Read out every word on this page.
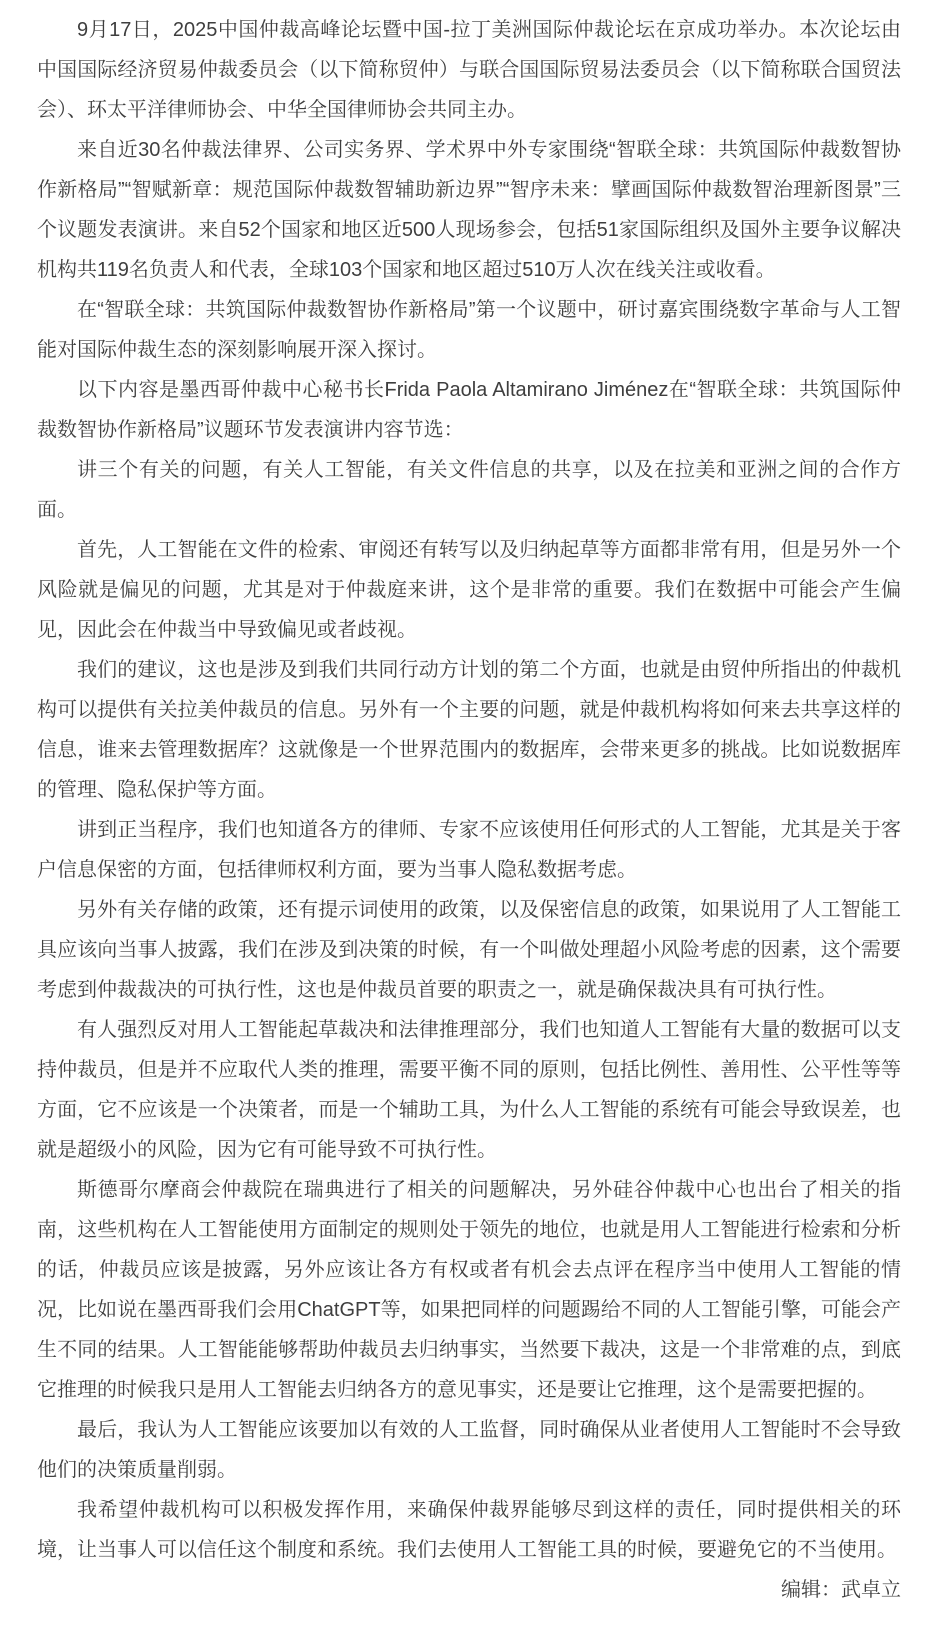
9月17日，2025中国仲裁高峰论坛暨中国-拉丁美洲国际仲裁论坛在京成功举办。本次论坛由中国国际经济贸易仲裁委员会（以下简称贸仲）与联合国国际贸易法委员会（以下简称联合国贸法会）、环太平洋律师协会、中华全国律师协会共同主办。

来自近30名仲裁法律界、公司实务界、学术界中外专家围绕“智联全球：共筑国际仲裁数智协作新格局”“智赋新章：规范国际仲裁数智辅助新边界”“智序未来：擘画国际仲裁数智治理新图景”三个议题发表演讲。来自52个国家和地区近500人现场参会，包括51家国际组织及国外主要争议解决机构共119名负责人和代表，全球103个国家和地区超过510万人次在线关注或收看。

在“智联全球：共筑国际仲裁数智协作新格局”第一个议题中，研讨嘉宾围绕数字革命与人工智能对国际仲裁生态的深刻影响展开深入探讨。

以下内容是墨西哥仲裁中心秘书长Frida Paola Altamirano Jiménez在“智联全球：共筑国际仲裁数智协作新格局”议题环节发表演讲内容节选：

讲三个有关的问题，有关人工智能，有关文件信息的共享，以及在拉美和亚洲之间的合作方面。

首先，人工智能在文件的检索、审阅还有转写以及归纳起草等方面都非常有用，但是另外一个风险就是偏见的问题，尤其是对于仲裁庭来讲，这个是非常的重要。我们在数据中可能会产生偏见，因此会在仲裁当中导致偏见或者歧视。

我们的建议，这也是涉及到我们共同行动方计划的第二个方面，也就是由贸仲所指出的仲裁机构可以提供有关拉美仲裁员的信息。另外有一个主要的问题，就是仲裁机构将如何来去共享这样的信息，谁来去管理数据库？这就像是一个世界范围内的数据库，会带来更多的挑战。比如说数据库的管理、隐私保护等方面。

讲到正当程序，我们也知道各方的律师、专家不应该使用任何形式的人工智能，尤其是关于客户信息保密的方面，包括律师权利方面，要为当事人隐私数据考虑。

另外有关存储的政策，还有提示词使用的政策，以及保密信息的政策，如果说用了人工智能工具应该向当事人披露，我们在涉及到决策的时候，有一个叫做处理超小风险考虑的因素，这个需要考虑到仲裁裁决的可执行性，这也是仲裁员首要的职责之一，就是确保裁决具有可执行性。

有人强烈反对用人工智能起草裁决和法律推理部分，我们也知道人工智能有大量的数据可以支持仲裁员，但是并不应取代人类的推理，需要平衡不同的原则，包括比例性、善用性、公平性等等方面，它不应该是一个决策者，而是一个辅助工具，为什么人工智能的系统有可能会导致误差，也就是超级小的风险，因为它有可能导致不可执行性。

斯德哥尔摩商会仲裁院在瑞典进行了相关的问题解决，另外硅谷仲裁中心也出台了相关的指南，这些机构在人工智能使用方面制定的规则处于领先的地位，也就是用人工智能进行检索和分析的话，仲裁员应该是披露，另外应该让各方有权或者有机会去点评在程序当中使用人工智能的情况，比如说在墨西哥我们会用ChatGPT等，如果把同样的问题踢给不同的人工智能引擎，可能会产生不同的结果。人工智能能够帮助仲裁员去归纳事实，当然要下裁决，这是一个非常难的点，到底它推理的时候我只是用人工智能去归纳各方的意见事实，还是要让它推理，这个是需要把握的。

最后，我认为人工智能应该要加以有效的人工监督，同时确保从业者使用人工智能时不会导致他们的决策质量削弱。

我希望仲裁机构可以积极发挥作用，来确保仲裁界能够尽到这样的责任，同时提供相关的环境，让当事人可以信任这个制度和系统。我们去使用人工智能工具的时候，要避免它的不当使用。

编辑：武卓立
